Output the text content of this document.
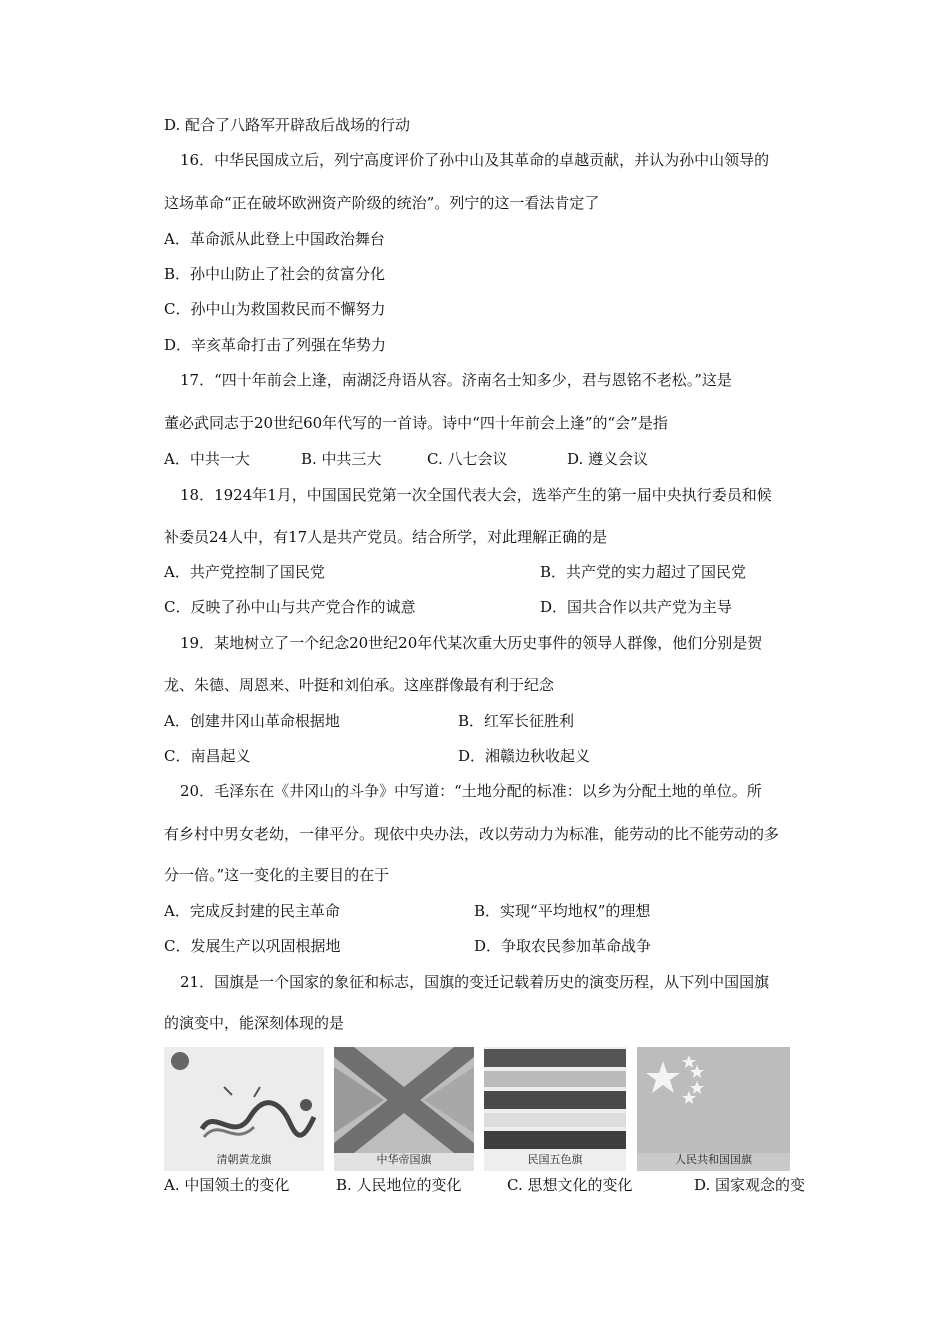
D. 配合了八路军开辟敌后战场的行动
16．中华民国成立后，列宁高度评价了孙中山及其革命的卓越贡献，并认为孙中山领导的
这场革命“正在破坏欧洲资产阶级的统治”。列宁的这一看法肯定了
A．革命派从此登上中国政治舞台
B．孙中山防止了社会的贫富分化
C．孙中山为救国救民而不懈努力
D．辛亥革命打击了列强在华势力
17．“四十年前会上逢，南湖泛舟语从容。济南名士知多少，君与恩铭不老松。”这是
董必武同志于20世纪60年代写的一首诗。诗中“四十年前会上逢”的“会”是指
A．中共一大	B. 中共三大	C. 八七会议	D. 遵义会议
18．1924年1月，中国国民党第一次全国代表大会，选举产生的第一届中央执行委员和候
补委员24人中，有17人是共产党员。结合所学，对此理解正确的是
A．共产党控制了国民党	B．共产党的实力超过了国民党
C．反映了孙中山与共产党合作的诚意	D．国共合作以共产党为主导
19．某地树立了一个纪念20世纪20年代某次重大历史事件的领导人群像，他们分别是贺
龙、朱德、周恩来、叶挺和刘伯承。这座群像最有利于纪念
A．创建井冈山革命根据地	B．红军长征胜利
C．南昌起义	D．湘赣边秋收起义
20．毛泽东在《井冈山的斗争》中写道：“土地分配的标准：以乡为分配土地的单位。所
有乡村中男女老幼，一律平分。现依中央办法，改以劳动力为标准，能劳动的比不能劳动的多
分一倍。”这一变化的主要目的在于
A．完成反封建的民主革命	B．实现“平均地权”的理想
C．发展生产以巩固根据地	D．争取农民参加革命战争
21．国旗是一个国家的象征和标志，国旗的变迁记载着历史的演变历程，从下列中国国旗
的演变中，能深刻体现的是
清朝黄龙旗	中华帝国旗	民国五色旗	人民共和国国旗
A. 中国领土的变化	B. 人民地位的变化	C. 思想文化的变化	D. 国家观念的变
